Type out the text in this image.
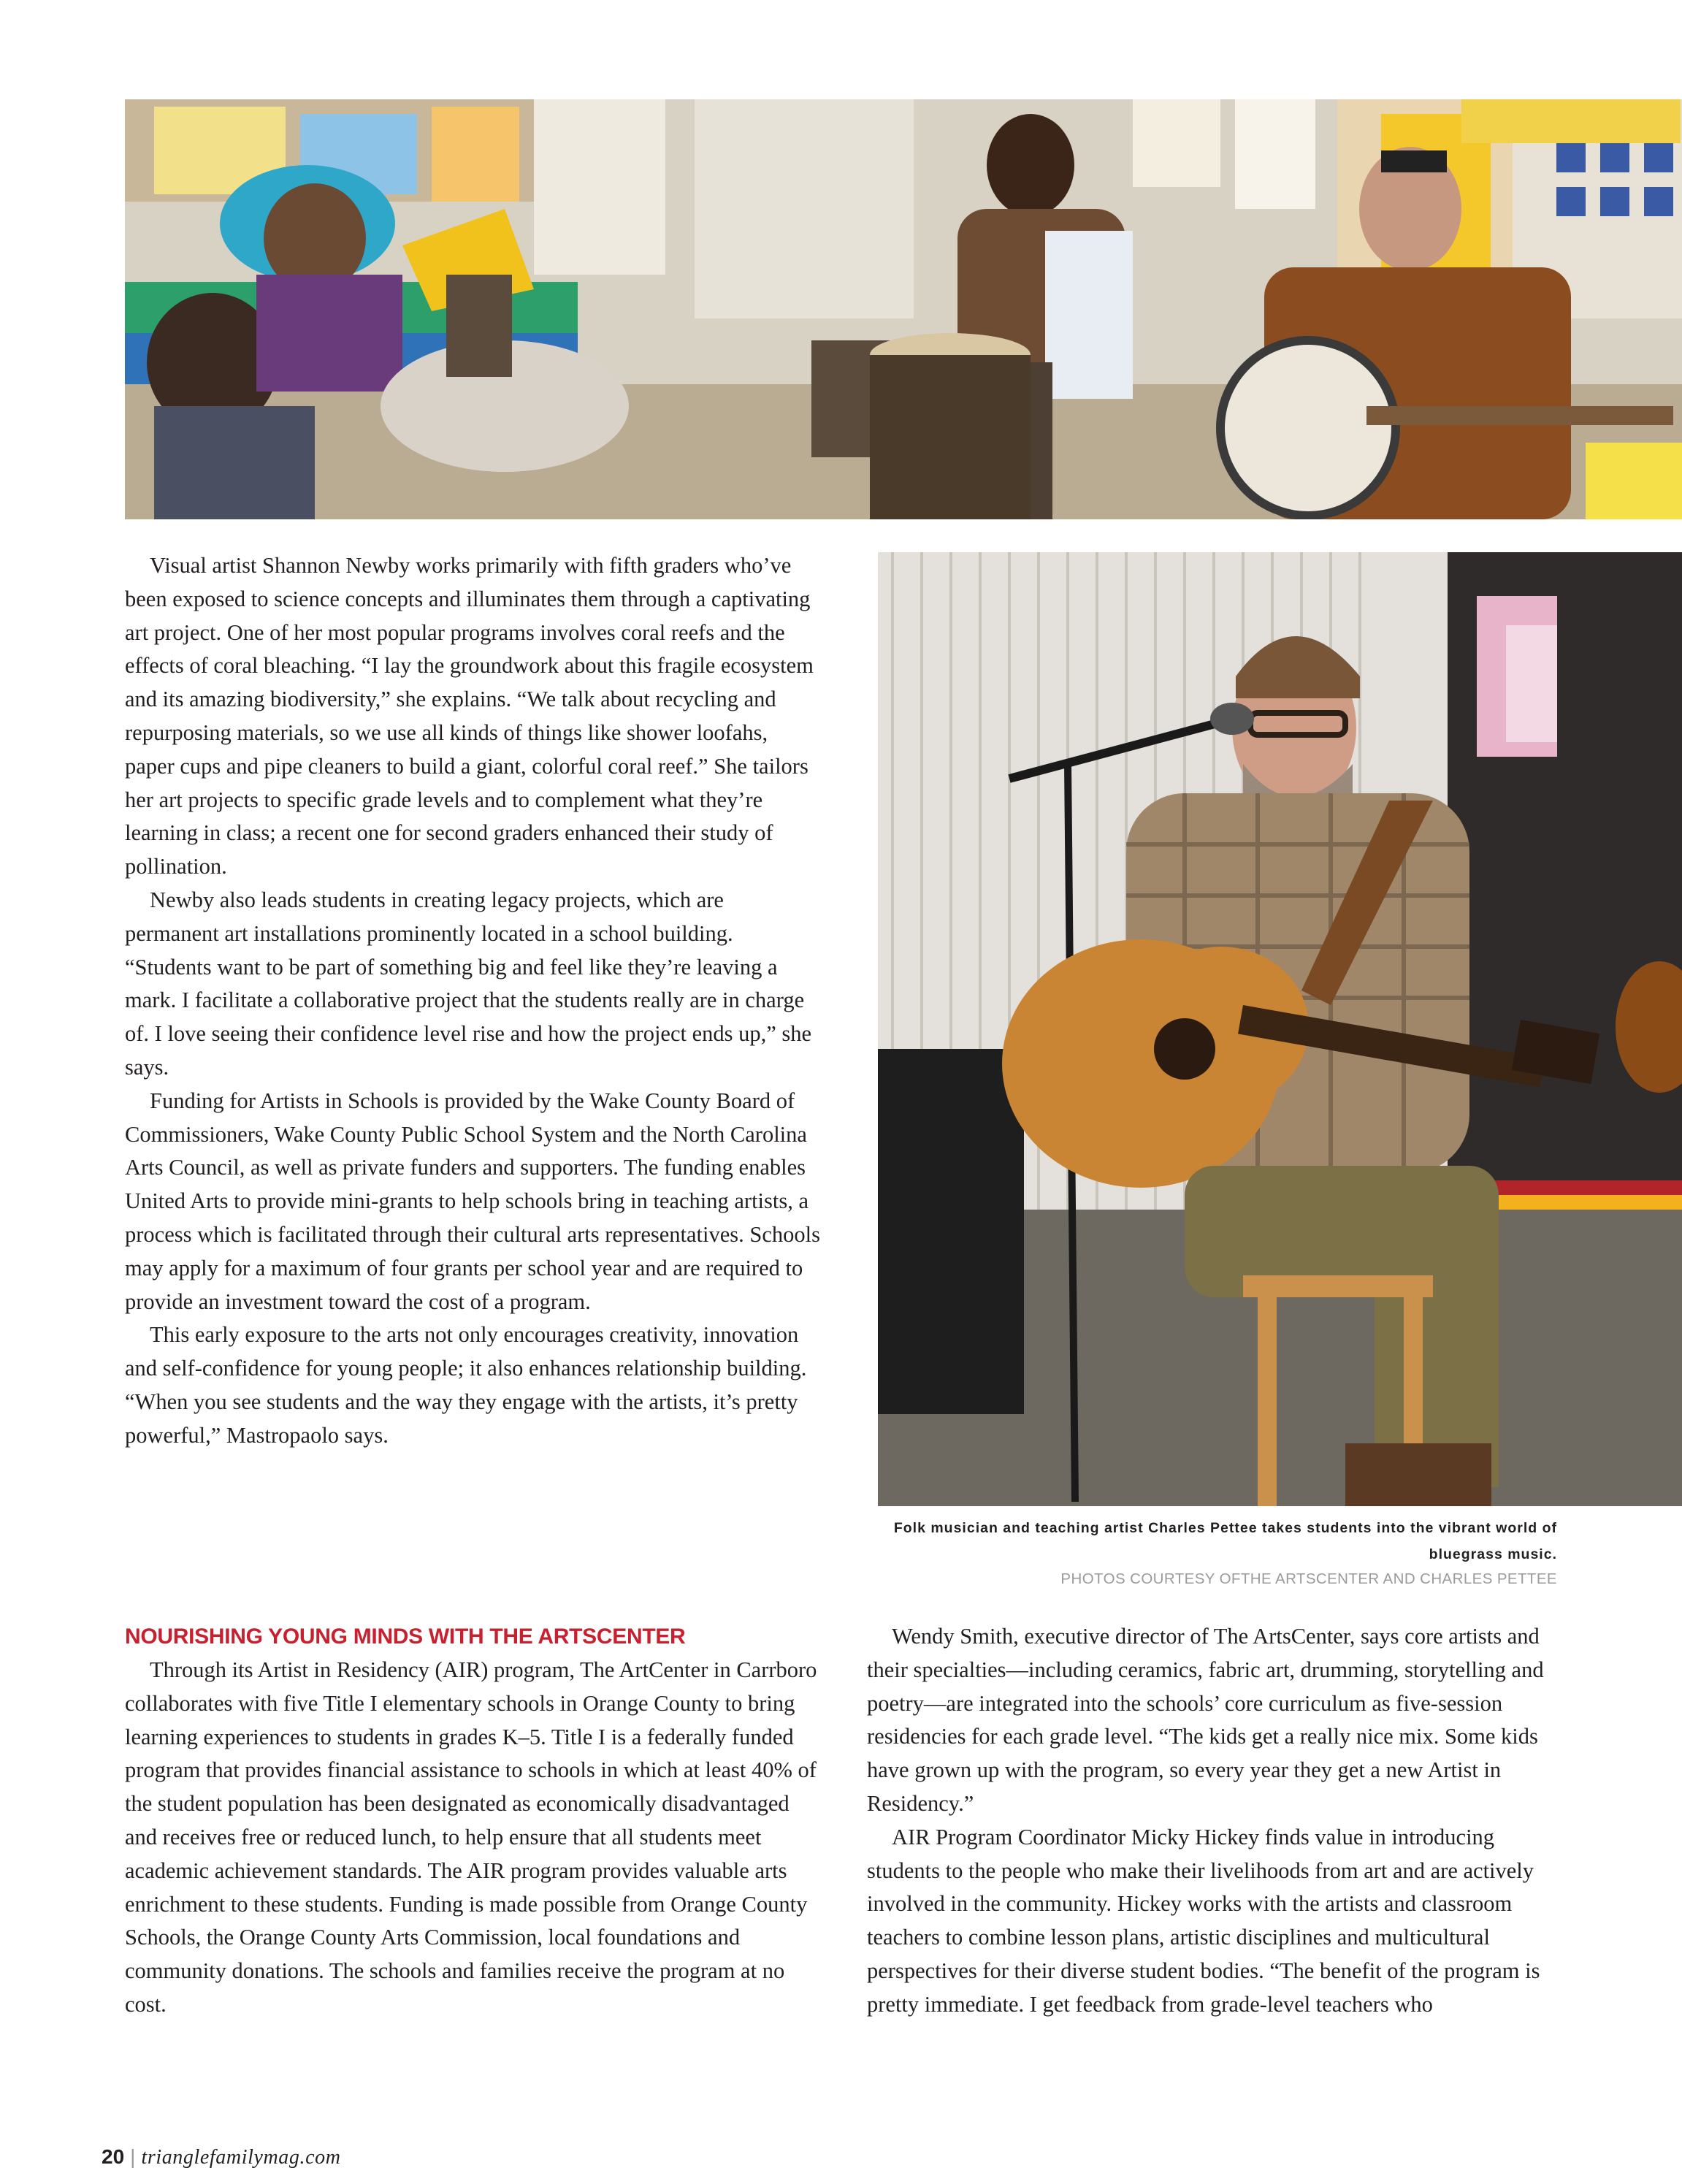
Visual artist Shannon Newby works primarily with fifth graders who’ve been exposed to science concepts and illuminates them through a captivating art project. One of her most popular programs involves coral reefs and the effects of coral bleaching. “I lay the groundwork about this fragile ecosystem and its amazing biodiversity,” she explains. “We talk about recycling and repurposing materials, so we use all kinds of things like shower loofahs, paper cups and pipe cleaners to build a giant, colorful coral reef.” She tailors her art projects to specific grade levels and to complement what they’re learning in class; a recent one for second graders enhanced their study of pollination.

Newby also leads students in creating legacy projects, which are permanent art installations prominently located in a school building. “Students want to be part of something big and feel like they’re leaving a mark. I facilitate a collaborative project that the students really are in charge of. I love seeing their confidence level rise and how the project ends up,” she says.

Funding for Artists in Schools is provided by the Wake County Board of Commissioners, Wake County Public School System and the North Carolina Arts Council, as well as private funders and supporters. The funding enables United Arts to provide mini-grants to help schools bring in teaching artists, a process which is facilitated through their cultural arts representatives. Schools may apply for a maximum of four grants per school year and are required to provide an investment toward the cost of a program.

This early exposure to the arts not only encourages creativity, innovation and self-confidence for young people; it also enhances relationship building. “When you see students and the way they engage with the artists, it’s pretty powerful,” Mastropaolo says.

Folk musician and teaching artist Charles Pettee takes students into the vibrant world of bluegrass music.
PHOTOS COURTESY OFTHE ARTSCENTER AND CHARLES PETTEE
NOURISHING YOUNG MINDS WITH THE ARTSCENTER

Through its Artist in Residency (AIR) program, The ArtCenter in Carrboro collaborates with five Title I elementary schools in Orange County to bring learning experiences to students in grades K–5. Title I is a federally funded program that provides financial assistance to schools in which at least 40% of the student population has been designated as economically disadvantaged and receives free or reduced lunch, to help ensure that all students meet academic achievement standards. The AIR program provides valuable arts enrichment to these students. Funding is made possible from Orange County Schools, the Orange County Arts Commission, local foundations and community donations. The schools and families receive the program at no cost.

Wendy Smith, executive director of The ArtsCenter, says core artists and their specialties—including ceramics, fabric art, drumming, storytelling and poetry—are integrated into the schools’ core curriculum as five-session residencies for each grade level. “The kids get a really nice mix. Some kids have grown up with the program, so every year they get a new Artist in Residency.”

AIR Program Coordinator Micky Hickey finds value in introducing students to the people who make their livelihoods from art and are actively involved in the community. Hickey works with the artists and classroom teachers to combine lesson plans, artistic disciplines and multicultural perspectives for their diverse student bodies. “The benefit of the program is pretty immediate. I get feedback from grade-level teachers who

20 | trianglefamilymag.com
